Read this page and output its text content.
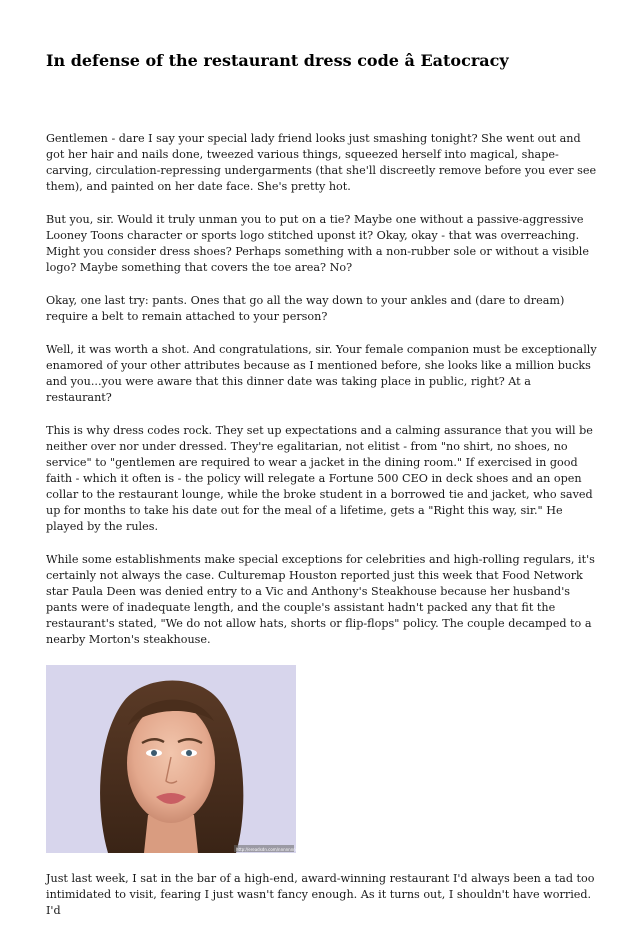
In defense of the restaurant dress code â Eatocracy

Gentlemen - dare I say your special lady friend looks just smashing tonight? She went out and got her hair and nails done, tweezed various things, squeezed herself into magical, shape-carving, circulation-repressing undergarments (that she'll discreetly remove before you ever see them), and painted on her date face. She's pretty hot.

But you, sir. Would it truly unman you to put on a tie? Maybe one without a passive-aggressive Looney Toons character or sports logo stitched uponst it? Okay, okay - that was overreaching. Might you consider dress shoes? Perhaps something with a non-rubber sole or without a visible logo? Maybe something that covers the toe area? No?

Okay, one last try: pants. Ones that go all the way down to your ankles and (dare to dream) require a belt to remain attached to your person?

Well, it was worth a shot. And congratulations, sir. Your female companion must be exceptionally enamored of your other attributes because as I mentioned before, she looks like a million bucks and you...you were aware that this dinner date was taking place in public, right? At a restaurant?

This is why dress codes rock. They set up expectations and a calming assurance that you will be neither over nor under dressed. They're egalitarian, not elitist - from "no shirt, no shoes, no service" to "gentlemen are required to wear a jacket in the dining room." If exercised in good faith - which it often is - the policy will relegate a Fortune 500 CEO in deck shoes and an open collar to the restaurant lounge, while the broke student in a borrowed tie and jacket, who saved up for months to take his date out for the meal of a lifetime, gets a "Right this way, sir." He played by the rules.

While some establishments make special exceptions for celebrities and high-rolling regulars, it's certainly not always the case. Culturemap Houston reported just this week that Food Network star Paula Deen was denied entry to a Vic and Anthony's Steakhouse because her husband's pants were of inadequate length, and the couple's assistant hadn't packed any that fit the restaurant's stated, "We do not allow hats, shorts or flip-flops" policy. The couple decamped to a nearby Morton's steakhouse.

http://ereadsdn.com/nnnnnnnnnn

Just last week, I sat in the bar of a high-end, award-winning restaurant I'd always been a tad too intimidated to visit, fearing I just wasn't fancy enough. As it turns out, I shouldn't have worried. I'd
